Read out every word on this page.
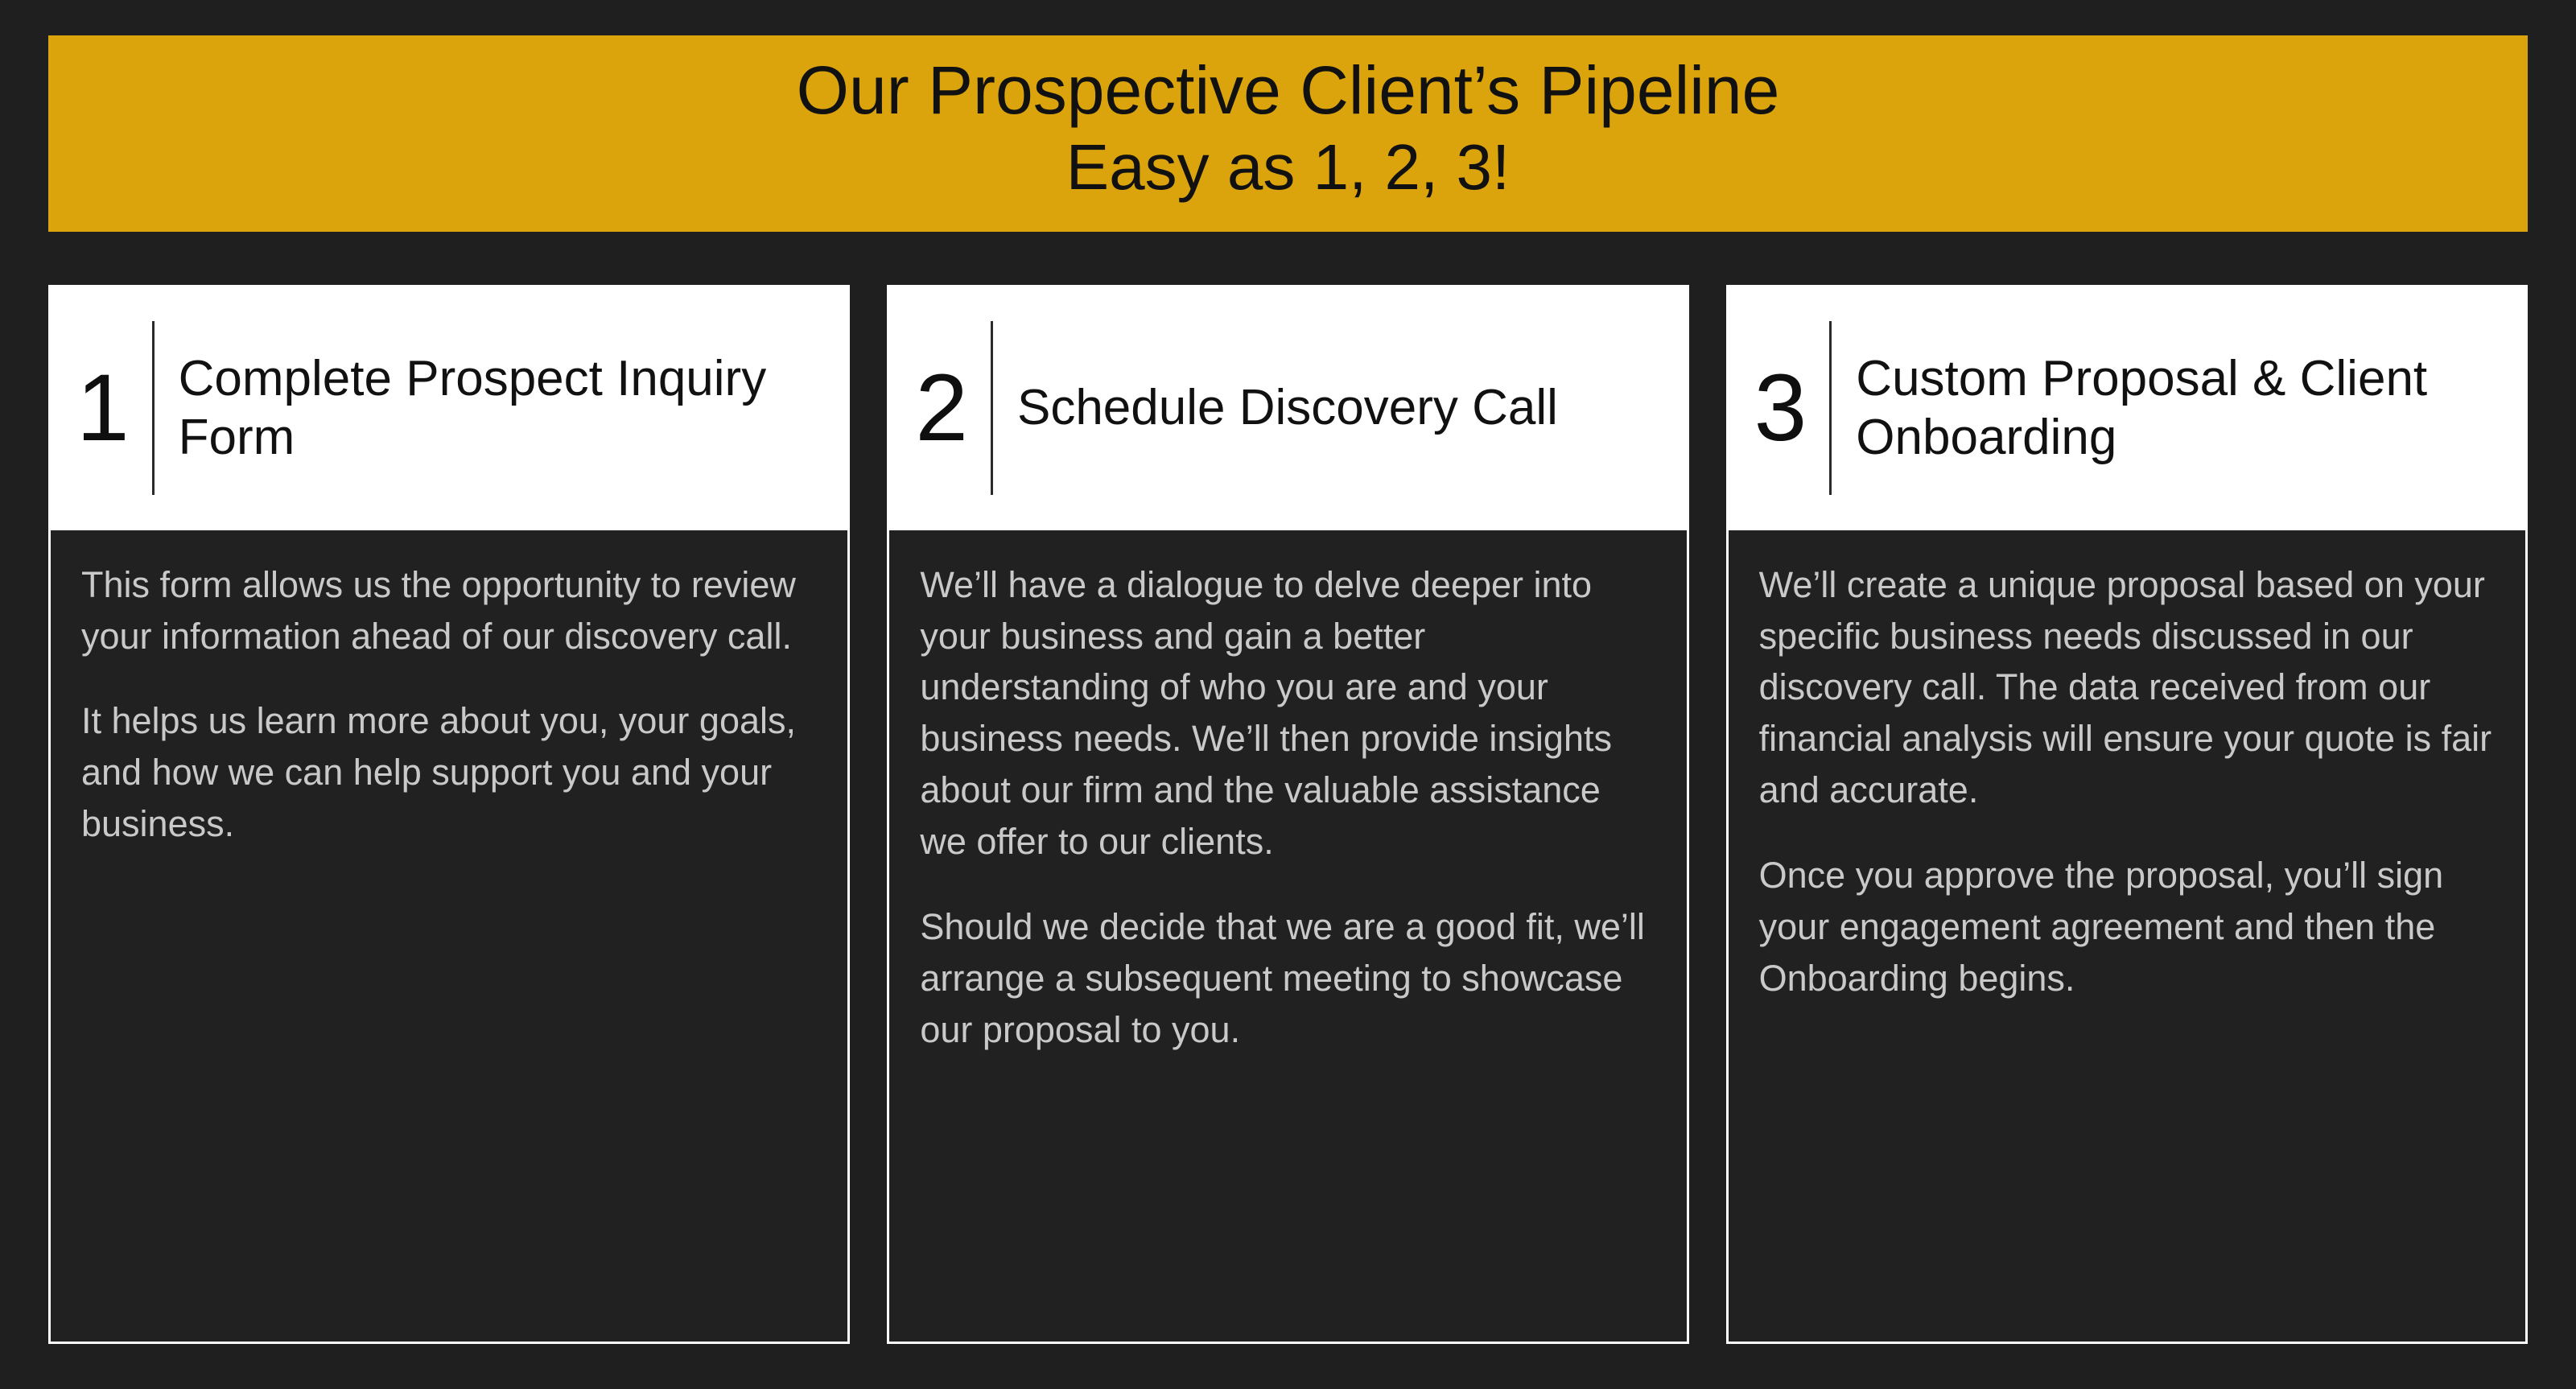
Our Prospective Client’s Pipeline
Easy as 1, 2, 3!
1 Complete Prospect Inquiry Form

This form allows us the opportunity to review your information ahead of our discovery call.

It helps us learn more about you, your goals, and how we can help support you and your business.

2 Schedule Discovery Call

We’ll have a dialogue to delve deeper into your business and gain a better understanding of who you are and your business needs. We’ll then provide insights about our firm and the valuable assistance we offer to our clients.

Should we decide that we are a good fit, we’ll arrange a subsequent meeting to showcase our proposal to you.

3 Custom Proposal & Client Onboarding

We’ll create a unique proposal based on your specific business needs discussed in our discovery call. The data received from our financial analysis will ensure your quote is fair and accurate.

Once you approve the proposal, you’ll sign your engagement agreement and then the Onboarding begins.
